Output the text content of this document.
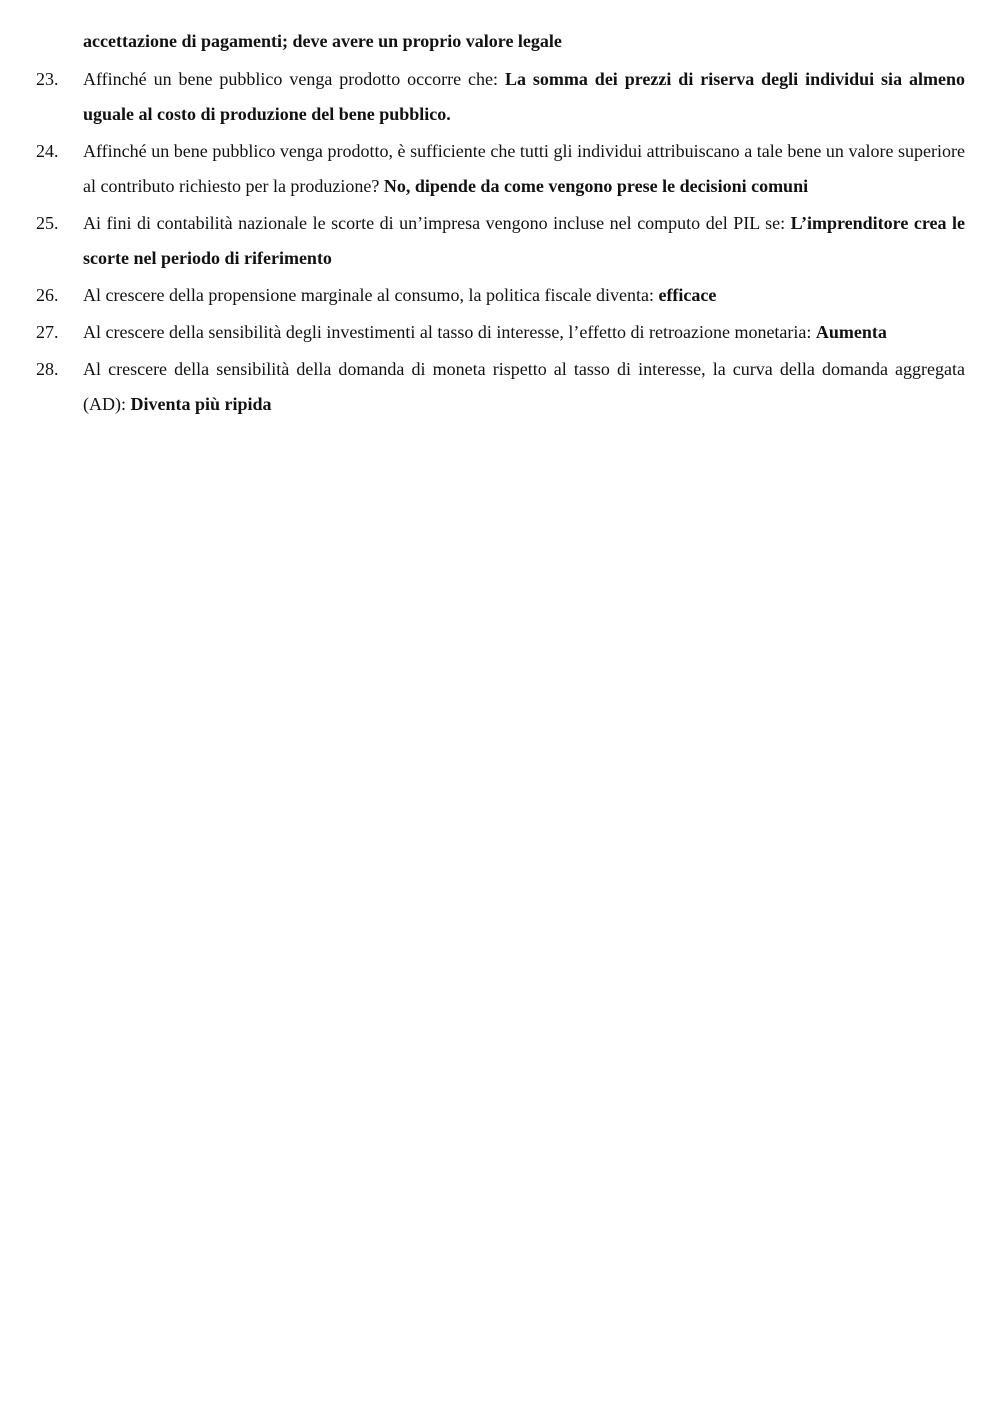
accettazione di pagamenti; deve avere un proprio valore legale
23.	Affinché un bene pubblico venga prodotto occorre che: La somma dei prezzi di riserva degli individui sia almeno uguale al costo di produzione del bene pubblico.
24.	Affinché un bene pubblico venga prodotto, è sufficiente che tutti gli individui attribuiscano a tale bene un valore superiore al contributo richiesto per la produzione? No, dipende da come vengono prese le decisioni comuni
25.	Ai fini di contabilità nazionale le scorte di un’impresa vengono incluse nel computo del PIL se: L’imprenditore crea le scorte nel periodo di riferimento
26.	Al crescere della propensione marginale al consumo, la politica fiscale diventa: efficace
27.	Al crescere della sensibilità degli investimenti al tasso di interesse, l’effetto di retroazione monetaria: Aumenta
28.	Al crescere della sensibilità della domanda di moneta rispetto al tasso di interesse, la curva della domanda aggregata (AD): Diventa più ripida
